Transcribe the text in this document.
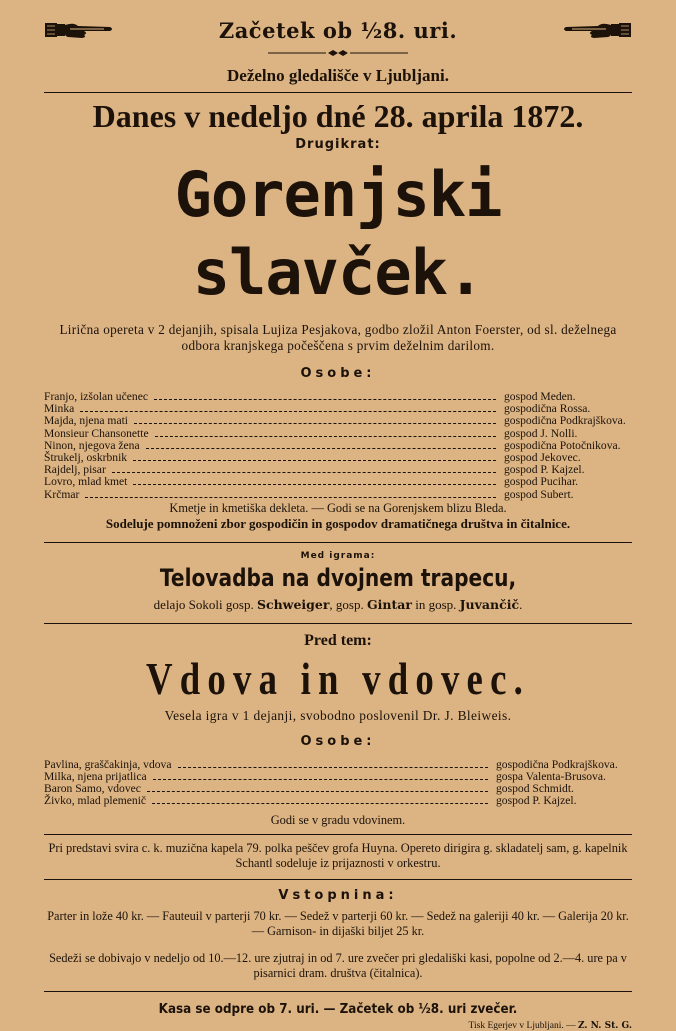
Začetek ob ½8. uri.
Deželno gledališče v Ljubljani.
Danes v nedeljo dné 28. aprila 1872.
Drugikrat:
Gorenjski slavček.
Lirična opereta v 2 dejanjih, spisala Lujiza Pesjakova, godbo zložil Anton Foerster, od sl. deželnega odbora kranjskega počeščena s prvim deželnim darilom.
Osobe:
Franjo, izšolan učenec	gospod Meden.
Minka	gospodična Rossa.
Majda, njena mati	gospodična Podkrajškova.
Monsieur Chansonette	gospod J. Nolli.
Ninon, njegova žena	gospodična Potočnikova.
Štrukelj, oskrbnik	gospod Jekovec.
Rajdelj, pisar	gospod P. Kajzel.
Lovro, mlad kmet	gospod Pucihar.
Krčmar	gospod Subert.
Kmetje in kmetiška dekleta. — Godi se na Gorenjskem blizu Bleda.
Sodeluje pomnoženi zbor gospodičin in gospodov dramatičnega društva in čitalnice.
Med igrama:
Telovadba na dvojnem trapecu,
delajo Sokoli gosp. Schweiger, gosp. Gintar in gosp. Juvančič.
Pred tem:
Vdova in vdovec.
Vesela igra v 1 dejanji, svobodno poslovenil Dr. J. Bleiweis.
Osobe:
Pavlina, graščakinja, vdova	gospodična Podkrajškova.
Milka, njena prijatlica	gospa Valenta-Brusova.
Baron Samo, vdovec	gospod Schmidt.
Živko, mlad plemenič	gospod P. Kajzel.
Godi se v gradu vdovinem.
Pri predstavi svira c. k. muzična kapela 79. polka peščev grofa Huyna. Opereto dirigira g. skladatelj sam, g. kapelnik Schantl sodeluje iz prijaznosti v orkestru.
Vstopnina:
Parter in lože 40 kr. — Fauteuil v parterji 70 kr. — Sedež v parterji 60 kr. — Sedež na galeriji 40 kr. — Galerija 20 kr. — Garnison- in dijaški biljet 25 kr.
Sedeži se dobivajo v nedeljo od 10.—12. ure zjutraj in od 7. ure zvečer pri gledališki kasi, popolne od 2.—4. ure pa v pisarnici dram. društva (čitalnica).
Kasa se odpre ob 7. uri. — Začetek ob ½8. uri zvečer.
Tisk Egerjev v Ljubljani. — Z. N. St. G.
